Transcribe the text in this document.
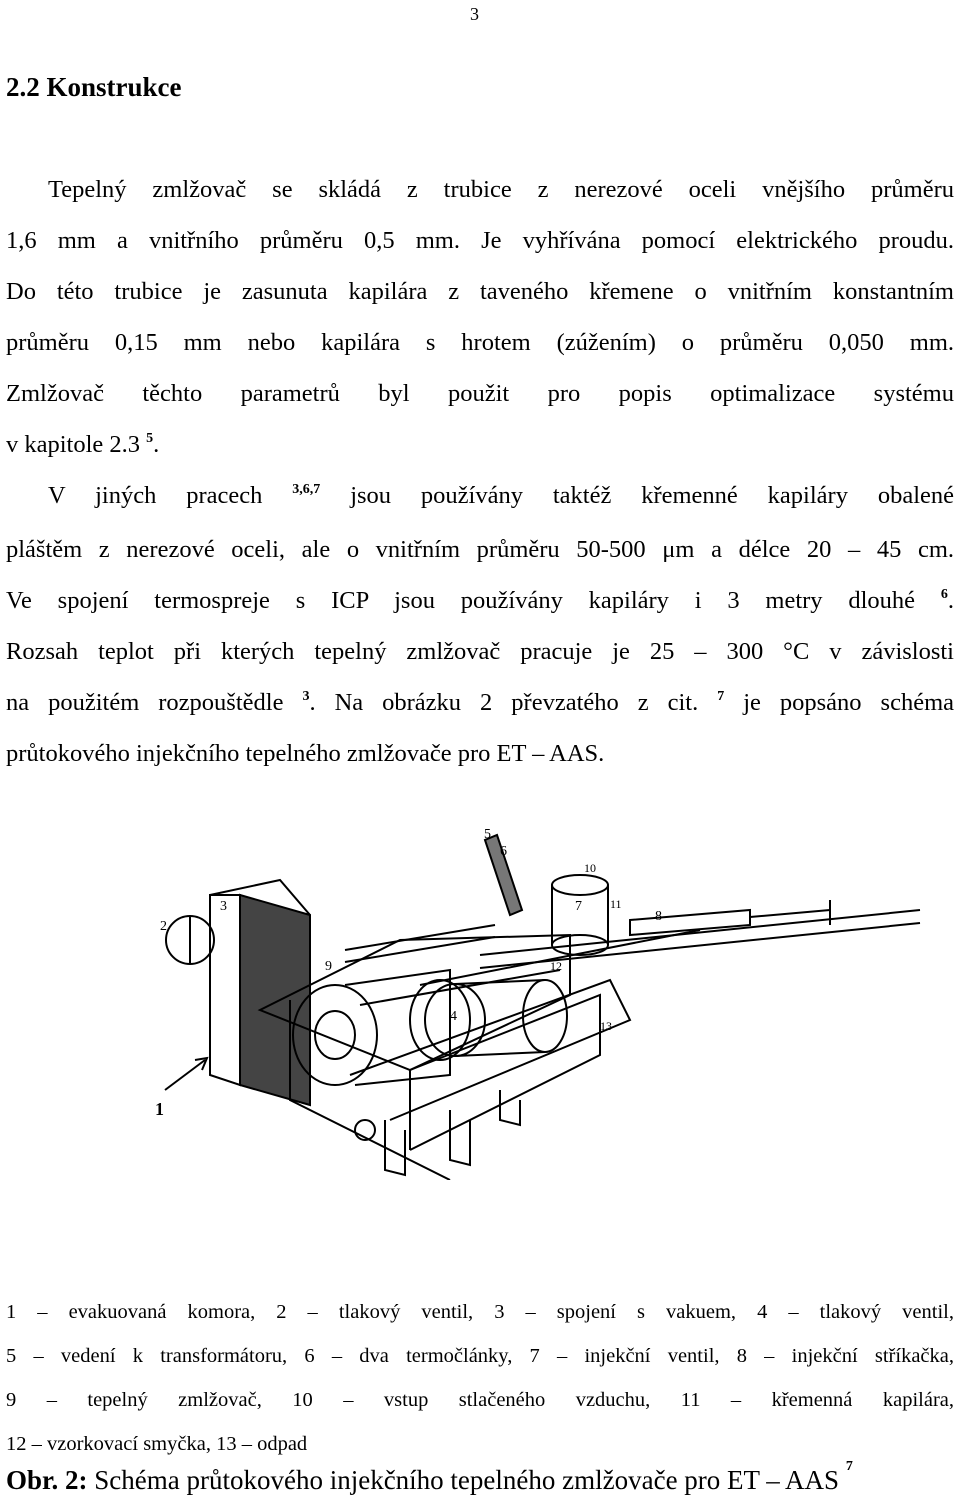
3
2.2 Konstrukce
Tepelný zmlžovač se skládá z trubice z nerezové oceli vnějšího průměru
1,6 mm a vnitřního průměru 0,5 mm. Je vyhřívána pomocí elektrického proudu.
Do této trubice je zasunuta kapilára z taveného křemene o vnitřním konstantním
průměru 0,15 mm nebo kapilára s hrotem (zúžením) o průměru 0,050 mm.
Zmlžovač těchto parametrů byl použit pro popis optimalizace systému
v kapitole 2.3 $^5$.
V jiných pracech $^{3,6,7}$ jsou používány taktéž křemenné kapiláry obalené
pláštěm z nerezové oceli, ale o vnitřním průměru 50-500 μm a délce 20 – 45 cm.
Ve spojení termospreje s ICP jsou používány kapiláry i 3 metry dlouhé $^6$.
Rozsah teplot při kterých tepelný zmlžovač pracuje je 25 – 300 °C v závislosti
na použitém rozpouštědle $^3$. Na obrázku 2 převzatého z cit. $^7$ je popsáno schéma
průtokového injekčního tepelného zmlžovače pro ET – AAS.
1
2
3
4
5
6
7
8
9
10
11
12
13
1 – evakuovaná komora, 2 – tlakový ventil, 3 – spojení s vakuem, 4 – tlakový ventil,
5 – vedení k transformátoru, 6 – dva termočlánky, 7 – injekční ventil, 8 – injekční stříkačka,
9 – tepelný zmlžovač, 10 – vstup stlačeného vzduchu, 11 – křemenná kapilára,
12 – vzorkovací smyčka, 13 – odpad
Obr. 2: Schéma průtokového injekčního tepelného zmlžovače pro ET – AAS $^7$
